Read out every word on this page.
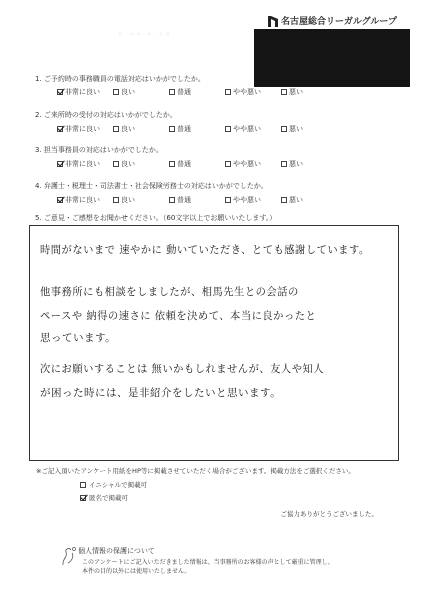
名古屋総合リーガルグループ
◦ ◦◦ ◦ ◦◦
1. ご予約時の事務職員の電話対応はいかがでしたか。
非常に良い	良い	普通	やや悪い	悪い
2. ご来所時の受付の対応はいかがでしたか。
非常に良い	良い	普通	やや悪い	悪い
3. 担当事務員の対応はいかがでしたか。
非常に良い	良い	普通	やや悪い	悪い
4. 弁護士・税理士・司法書士・社会保険労務士の対応はいかがでしたか。
非常に良い	良い	普通	やや悪い	悪い
5. ご意見・ご感想をお聞かせください。（60文字以上でお願いいたします。）
時間がないまで 速やかに 動いていただき、とても感謝しています。
他事務所にも相談をしましたが、相馬先生との会話の
ペースや 納得の速さに 依頼を決めて、本当に良かったと
思っています。
次にお願いすることは 無いかもしれませんが、友人や知人
が困った時には、是非紹介をしたいと思います。
※ご記入頂いたアンケート用紙をHP等に掲載させていただく場合がございます。掲載方法をご選択ください。
イニシャルで掲載可
匿名で掲載可
ご協力ありがとうございました。
個人情報の保護について
このアンケートにご記入いただきました情報は、当事務所のお客様の声として厳重に管理し、
本件の目的以外には使用いたしません。
